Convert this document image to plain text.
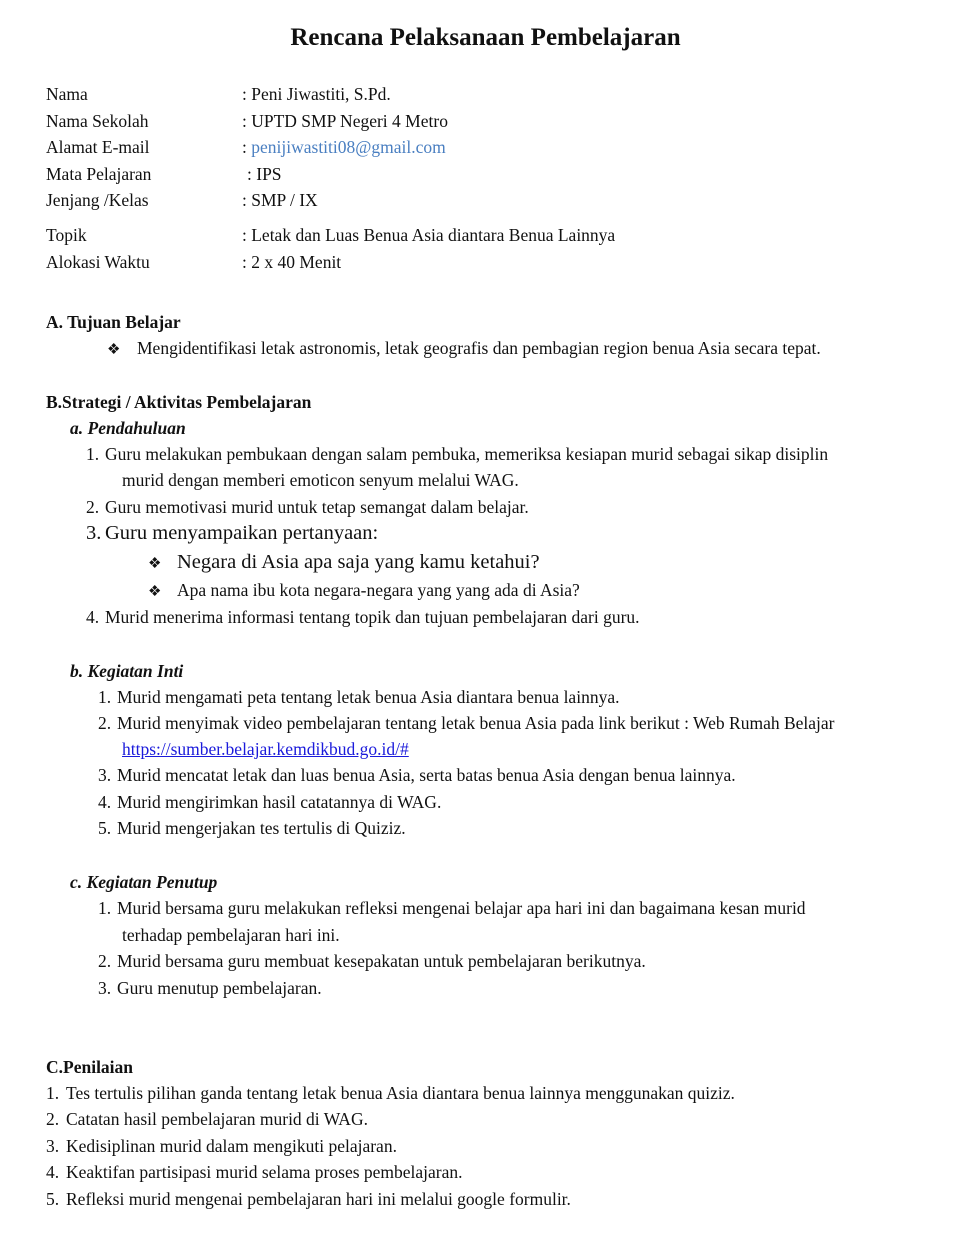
Rencana Pelaksanaan Pembelajaran
Nama	: Peni Jiwastiti, S.Pd.
Nama Sekolah	: UPTD SMP Negeri 4 Metro
Alamat E-mail	: penijiwastiti08@gmail.com
Mata Pelajaran	: IPS
Jenjang /Kelas	: SMP / IX
Topik	: Letak dan Luas Benua Asia diantara Benua Lainnya
Alokasi Waktu	: 2 x 40 Menit
A. Tujuan Belajar
❖ Mengidentifikasi letak astronomis, letak geografis dan pembagian region benua Asia secara tepat.
B.Strategi / Aktivitas Pembelajaran
a. Pendahuluan
1. Guru melakukan pembukaan dengan salam pembuka, memeriksa kesiapan murid sebagai sikap disiplin
murid dengan memberi emoticon senyum melalui WAG.
2. Guru memotivasi murid untuk tetap semangat dalam belajar.
3. Guru menyampaikan pertanyaan:
❖ Negara di Asia apa saja yang kamu ketahui?
❖ Apa nama ibu kota negara-negara yang yang ada di Asia?
4. Murid menerima informasi tentang topik dan tujuan pembelajaran dari guru.
b. Kegiatan Inti
1. Murid mengamati peta tentang letak benua Asia diantara benua lainnya.
2. Murid menyimak video pembelajaran tentang letak benua Asia pada link berikut : Web Rumah Belajar
https://sumber.belajar.kemdikbud.go.id/#
3. Murid mencatat letak dan luas benua Asia, serta batas benua Asia dengan benua lainnya.
4. Murid mengirimkan hasil catatannya di WAG.
5. Murid mengerjakan tes tertulis di Quiziz.
c. Kegiatan Penutup
1. Murid bersama guru melakukan refleksi mengenai belajar apa hari ini dan bagaimana kesan murid
terhadap pembelajaran hari ini.
2. Murid bersama guru membuat kesepakatan untuk pembelajaran berikutnya.
3. Guru menutup pembelajaran.
C.Penilaian
1. Tes tertulis pilihan ganda tentang letak benua Asia diantara benua lainnya menggunakan quiziz.
2. Catatan hasil pembelajaran murid di WAG.
3. Kedisiplinan murid dalam mengikuti pelajaran.
4. Keaktifan partisipasi murid selama proses pembelajaran.
5. Refleksi murid mengenai pembelajaran hari ini melalui google formulir.
